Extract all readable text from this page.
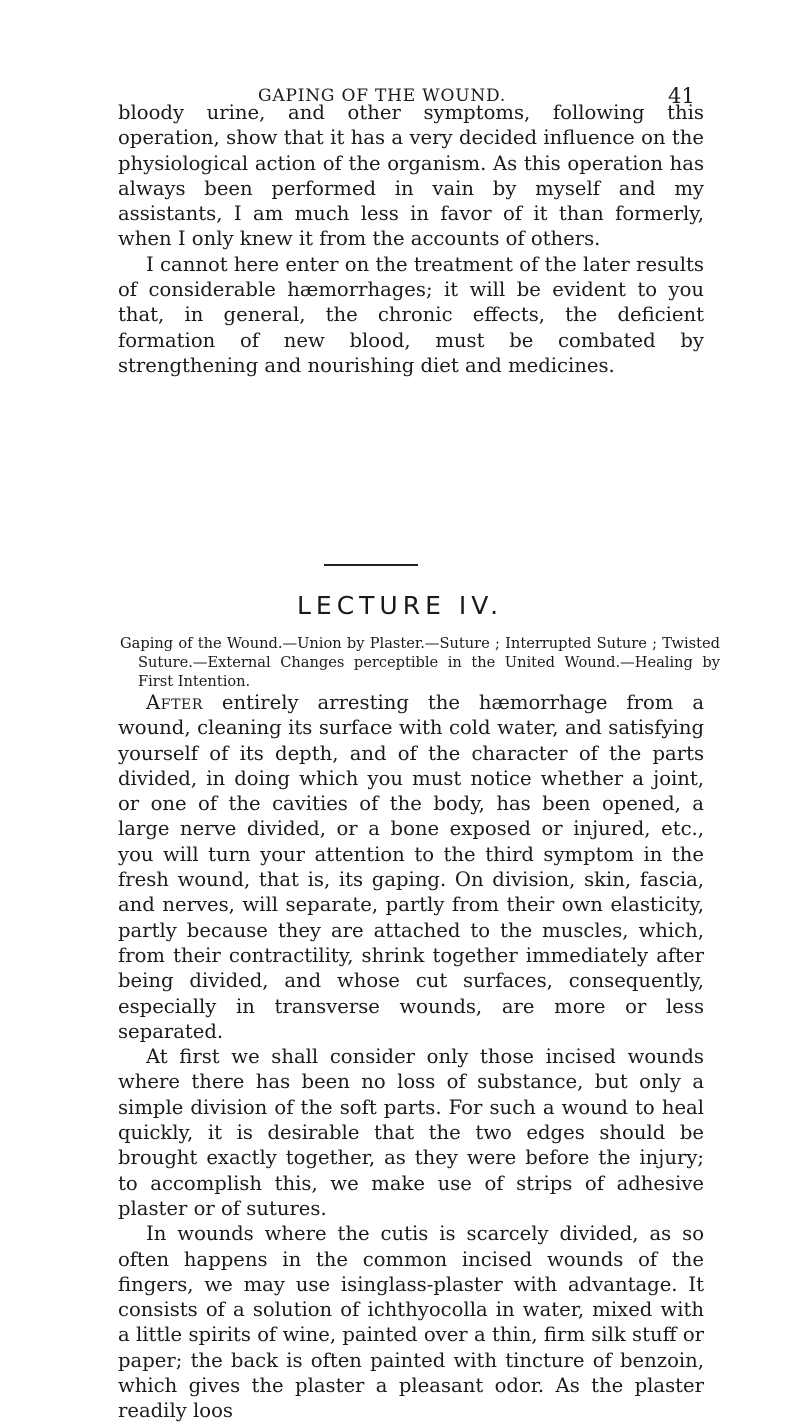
GAPING OF THE WOUND.	41

bloody urine, and other symptoms, following this operation, show that it has a very decided influence on the physiological action of the organism. As this operation has always been performed in vain by myself and my assistants, I am much less in favor of it than formerly, when I only knew it from the accounts of others.

I cannot here enter on the treatment of the later results of considerable hæmorrhages; it will be evident to you that, in general, the chronic effects, the deficient formation of new blood, must be combated by strengthening and nourishing diet and medicines.

LECTURE IV.
Gaping of the Wound.—Union by Plaster.—Suture ; Interrupted Suture ; Twisted Suture.—External Changes perceptible in the United Wound.—Healing by First Intention.

After entirely arresting the hæmorrhage from a wound, cleaning its surface with cold water, and satisfying yourself of its depth, and of the character of the parts divided, in doing which you must notice whether a joint, or one of the cavities of the body, has been opened, a large nerve divided, or a bone exposed or injured, etc., you will turn your attention to the third symptom in the fresh wound, that is, its gaping. On division, skin, fascia, and nerves, will separate, partly from their own elasticity, partly because they are attached to the muscles, which, from their contractility, shrink together immediately after being divided, and whose cut surfaces, consequently, especially in transverse wounds, are more or less separated.

At first we shall consider only those incised wounds where there has been no loss of substance, but only a simple division of the soft parts. For such a wound to heal quickly, it is desirable that the two edges should be brought exactly together, as they were before the injury; to accomplish this, we make use of strips of adhesive plaster or of sutures.

In wounds where the cutis is scarcely divided, as so often happens in the common incised wounds of the fingers, we may use isinglass-plaster with advantage. It consists of a solution of ichthyocolla in water, mixed with a little spirits of wine, painted over a thin, firm silk stuff or paper; the back is often painted with tincture of benzoin, which gives the plaster a pleasant odor. As the plaster readily loos
